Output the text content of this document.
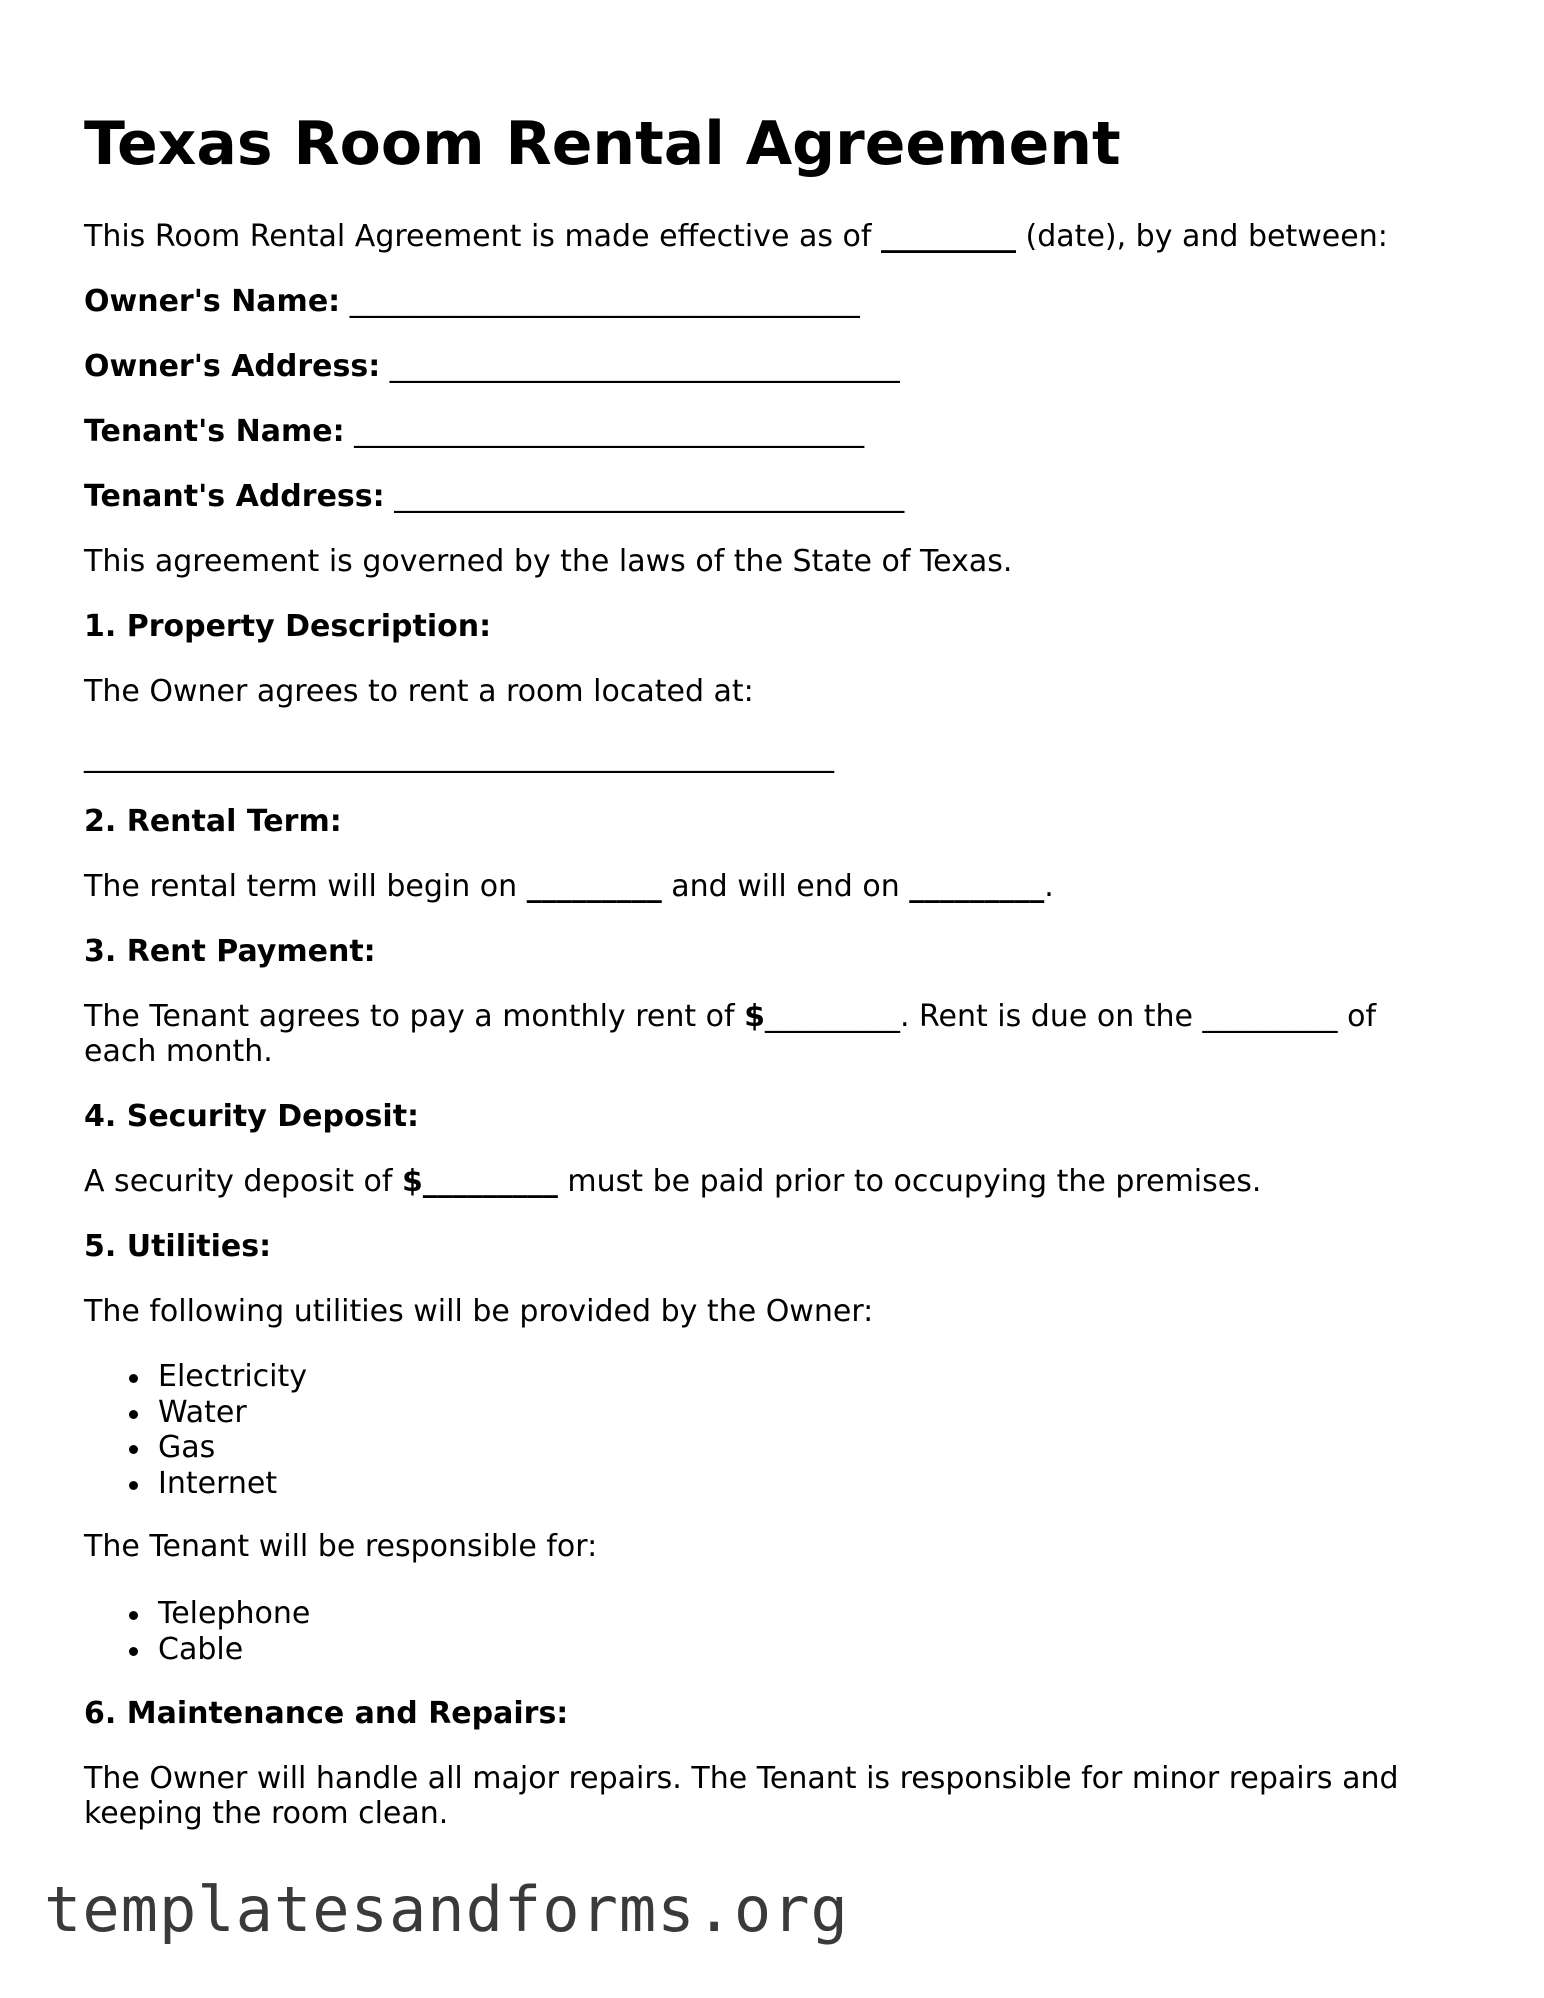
Texas Room Rental Agreement

This Room Rental Agreement is made effective as of _________ (date), by and between:

Owner's Name: __________________________________

Owner's Address: __________________________________

Tenant's Name: __________________________________

Tenant's Address: __________________________________

This agreement is governed by the laws of the State of Texas.

1. Property Description:

The Owner agrees to rent a room located at:

__________________________________________________

2. Rental Term:

The rental term will begin on _________ and will end on _________.

3. Rent Payment:

The Tenant agrees to pay a monthly rent of $_________. Rent is due on the _________ of each month.

4. Security Deposit:

A security deposit of $_________ must be paid prior to occupying the premises.

5. Utilities:

The following utilities will be provided by the Owner:

Electricity
Water
Gas
Internet

The Tenant will be responsible for:

Telephone
Cable

6. Maintenance and Repairs:

The Owner will handle all major repairs. The Tenant is responsible for minor repairs and keeping the room clean.

templatesandforms.org
